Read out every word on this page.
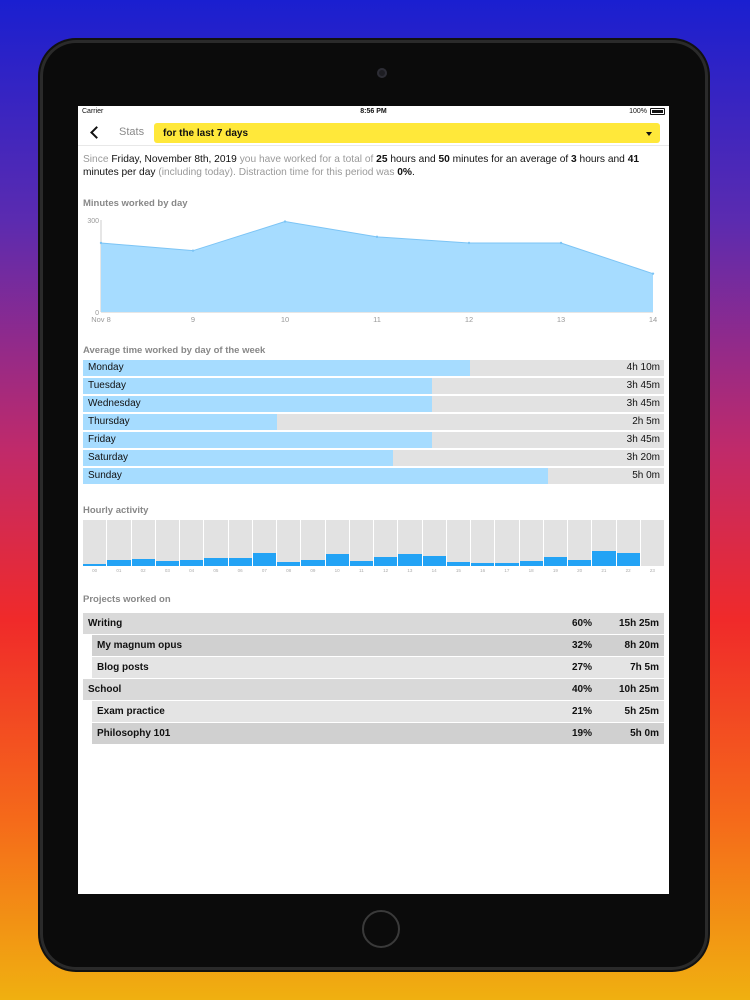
Carrier	8:56 PM	100%
Stats	for the last 7 days
Since Friday, November 8th, 2019 you have worked for a total of 25 hours and 50 minutes for an average of 3 hours and 41 minutes per day (including today). Distraction time for this period was 0%.
Minutes worked by day
300
0
Nov 8	9	10	11	12	13	14
Average time worked by day of the week
Monday	4h 10m
Tuesday	3h 45m
Wednesday	3h 45m
Thursday	2h 5m
Friday	3h 45m
Saturday	3h 20m
Sunday	5h 0m
Hourly activity
00	01	02	03	04	05	06	07	08	09	10	11	12	13	14	15	16	17	18	19	20	21	22	23
Projects worked on
Writing	60%	15h 25m
My magnum opus	32%	8h 20m
Blog posts	27%	7h 5m
School	40%	10h 25m
Exam practice	21%	5h 25m
Philosophy 101	19%	5h 0m
